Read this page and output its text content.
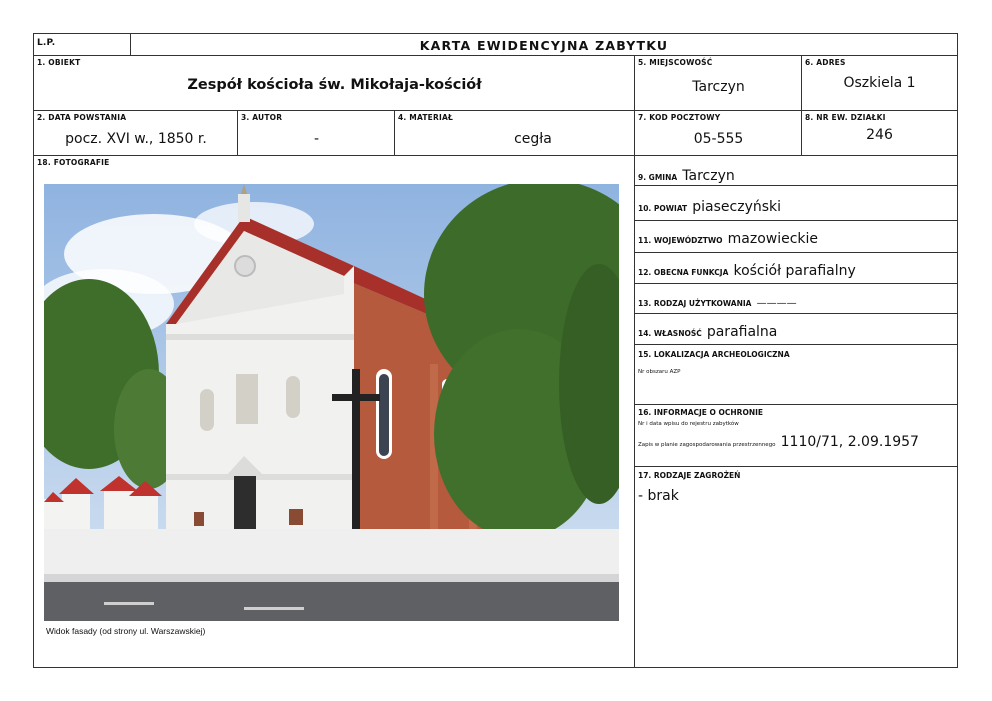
L.P.	KARTA EWIDENCYJNA ZABYTKU
1. OBIEKT
Zespół kościoła św. Mikołaja-kościół
5. MIEJSCOWOŚĆ
Tarczyn
6. ADRES
Oszkiela 1
2. DATA POWSTANIA
pocz. XVI w., 1850 r.
3. AUTOR
-
4. MATERIAŁ
cegła
7. KOD POCZTOWY
05-555
8. NR EW. DZIAŁKI
246
18. FOTOGRAFIE
Widok fasady (od strony ul. Warszawskiej)
9. GMINA Tarczyn
10. POWIAT piaseczyński
11. WOJEWÓDZTWO mazowieckie
12. OBECNA FUNKCJA kościół parafialny
13. RODZAJ UŻYTKOWANIA ————
14. WŁASNOŚĆ parafialna
15. LOKALIZACJA ARCHEOLOGICZNA
Nr obszaru AZP
16. INFORMACJE O OCHRONIE
Nr i data wpisu do rejestru zabytków
Zapis w planie zagospodarowania przestrzennego 1110/71, 2.09.1957
17. RODZAJE ZAGROŻEŃ
- brak
